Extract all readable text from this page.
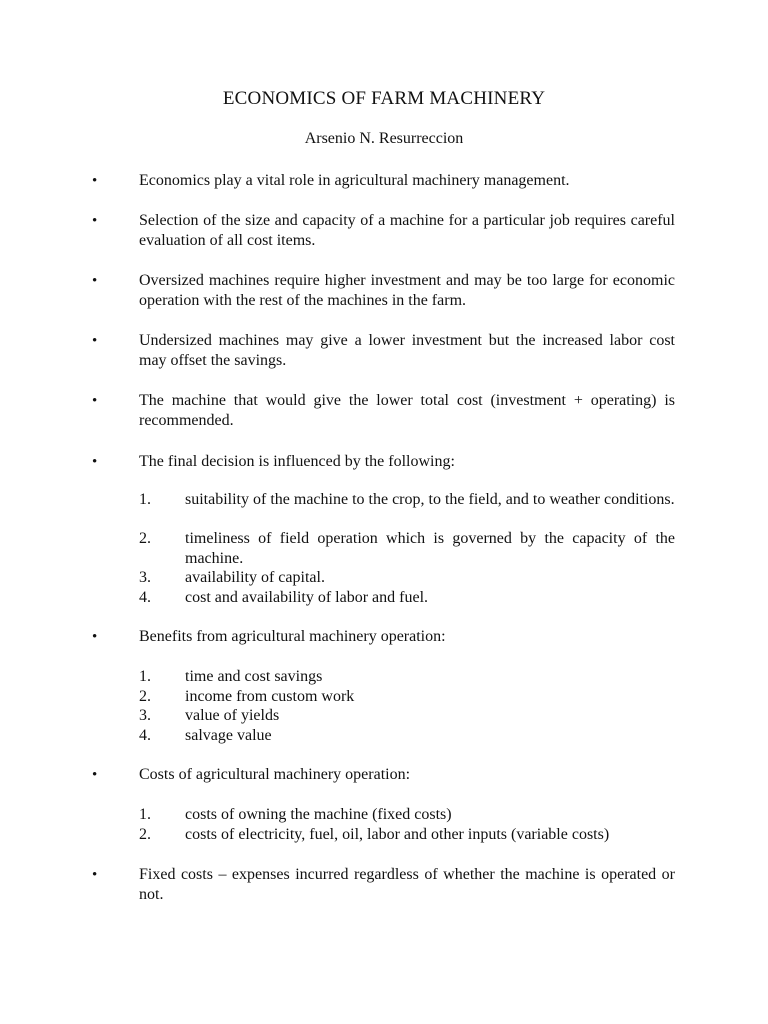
ECONOMICS OF FARM MACHINERY
Arsenio N. Resurreccion
•	Economics play a vital role in agricultural machinery management.
•	Selection of the size and capacity of a machine for a particular job requires careful evaluation of all cost items.
•	Oversized machines require higher investment and may be too large for economic operation with the rest of the machines in the farm.
•	Undersized machines may give a lower investment but the increased labor cost may offset the savings.
•	The machine that would give the lower total cost (investment + operating) is recommended.
•	The final decision is influenced by the following:
1. suitability of the machine to the crop, to the field, and to weather conditions.
2. timeliness of field operation which is governed by the capacity of the machine.
3. availability of capital.
4. cost and availability of labor and fuel.
•	Benefits from agricultural machinery operation:
1. time and cost savings
2. income from custom work
3. value of yields
4. salvage value
•	Costs of agricultural machinery operation:
1. costs of owning the machine (fixed costs)
2. costs of electricity, fuel, oil, labor and other inputs (variable costs)
•	Fixed costs – expenses incurred regardless of whether the machine is operated or not.
